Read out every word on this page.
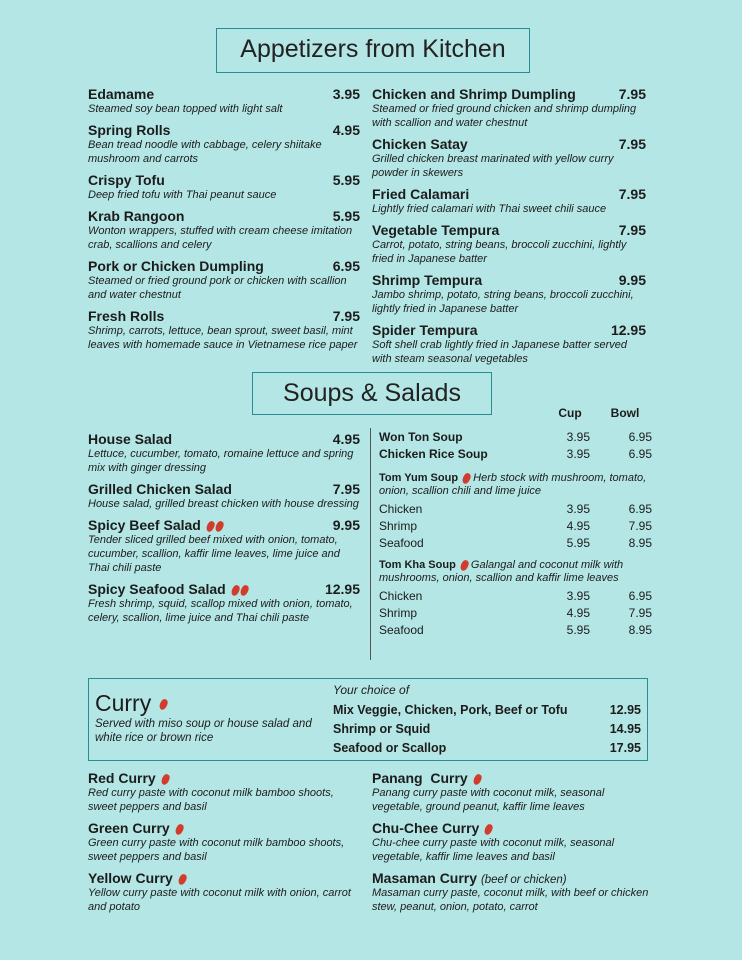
Appetizers from Kitchen
Edamame	3.95
Steamed soy bean topped with light salt
Spring Rolls	4.95
Bean tread noodle with cabbage, celery shiitake mushroom and carrots
Crispy Tofu	5.95
Deep fried tofu with Thai peanut sauce
Krab Rangoon	5.95
Wonton wrappers, stuffed with cream cheese imitation crab, scallions and celery
Pork or Chicken Dumpling	6.95
Steamed or fried ground pork or chicken with scallion and water chestnut
Fresh Rolls	7.95
Shrimp, carrots, lettuce, bean sprout, sweet basil, mint leaves with homemade sauce in Vietnamese rice paper
Chicken and Shrimp Dumpling	7.95
Steamed or fried ground chicken and shrimp dumpling with scallion and water chestnut
Chicken Satay	7.95
Grilled chicken breast marinated with yellow curry powder in skewers
Fried Calamari	7.95
Lightly fried calamari with Thai sweet chili sauce
Vegetable Tempura	7.95
Carrot, potato, string beans, broccoli zucchini, lightly fried in Japanese batter
Shrimp Tempura	9.95
Jambo shrimp, potato, string beans, broccoli zucchini, lightly fried in Japanese batter
Spider Tempura	12.95
Soft shell crab lightly fried in Japanese batter served with steam seasonal vegetables
Soups & Salads
Cup	Bowl
House Salad	4.95
Lettuce, cucumber, tomato, romaine lettuce and spring mix with ginger dressing
Grilled Chicken Salad	7.95
House salad, grilled breast chicken with house dressing
Spicy Beef Salad	9.95
Tender sliced grilled beef mixed with onion, tomato, cucumber, scallion, kaffir lime leaves, lime juice and Thai chili paste
Spicy Seafood Salad	12.95
Fresh shrimp, squid, scallop mixed with onion, tomato, celery, scallion, lime juice and Thai chili paste
Won Ton Soup	3.95	6.95
Chicken Rice Soup	3.95	6.95
Tom Yum Soup Herb stock with mushroom, tomato, onion, scallion chili and lime juice
Chicken	3.95	6.95
Shrimp	4.95	7.95
Seafood	5.95	8.95
Tom Kha Soup Galangal and coconut milk with mushrooms, onion, scallion and kaffir lime leaves
Chicken	3.95	6.95
Shrimp	4.95	7.95
Seafood	5.95	8.95
Curry
Served with miso soup or house salad and white rice or brown rice
Your choice of
Mix Veggie, Chicken, Pork, Beef or Tofu	12.95
Shrimp or Squid	14.95
Seafood or Scallop	17.95
Red Curry
Red curry paste with coconut milk bamboo shoots, sweet peppers and basil
Green Curry
Green curry paste with coconut milk bamboo shoots, sweet peppers and basil
Yellow Curry
Yellow curry paste with coconut milk with onion, carrot and potato
Panang  Curry
Panang curry paste with coconut milk, seasonal vegetable, ground peanut, kaffir lime leaves
Chu-Chee Curry
Chu-chee curry paste with coconut milk, seasonal vegetable, kaffir lime leaves and basil
Masaman Curry (beef or chicken)
Masaman curry paste, coconut milk, with beef or chicken stew, peanut, onion, potato, carrot
